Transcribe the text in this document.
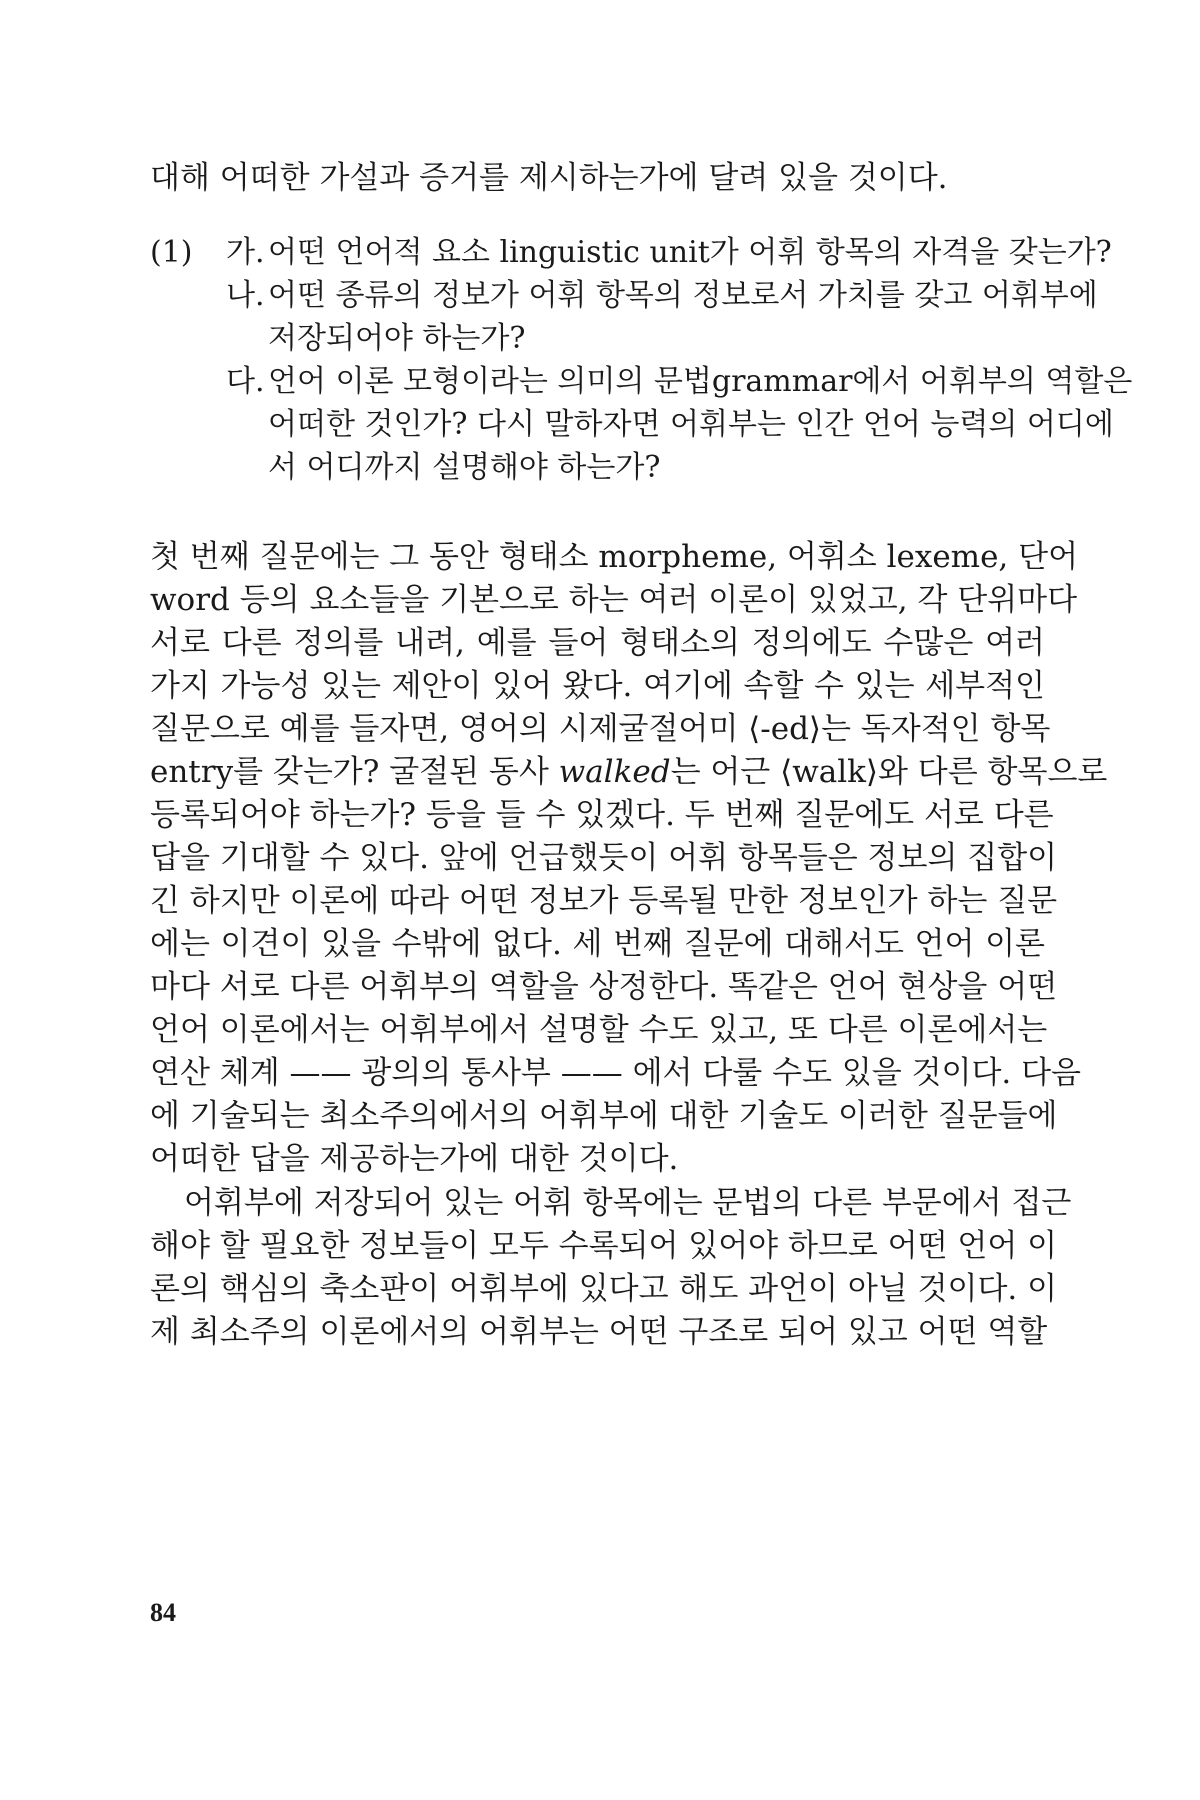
대해 어떠한 가설과 증거를 제시하는가에 달려 있을 것이다.
(1) 가. 어떤 언어적 요소 linguistic unit가 어휘 항목의 자격을 갖는가?
나. 어떤 종류의 정보가 어휘 항목의 정보로서 가치를 갖고 어휘부에
저장되어야 하는가?
다. 언어 이론 모형이라는 의미의 문법grammar에서 어휘부의 역할은
어떠한 것인가? 다시 말하자면 어휘부는 인간 언어 능력의 어디에
서 어디까지 설명해야 하는가?
첫 번째 질문에는 그 동안 형태소 morpheme, 어휘소 lexeme, 단어
word 등의 요소들을 기본으로 하는 여러 이론이 있었고, 각 단위마다
서로 다른 정의를 내려, 예를 들어 형태소의 정의에도 수많은 여러
가지 가능성 있는 제안이 있어 왔다. 여기에 속할 수 있는 세부적인
질문으로 예를 들자면, 영어의 시제굴절어미 ⟨-ed⟩는 독자적인 항목
entry를 갖는가? 굴절된 동사 walked는 어근 ⟨walk⟩와 다른 항목으로
등록되어야 하는가? 등을 들 수 있겠다. 두 번째 질문에도 서로 다른
답을 기대할 수 있다. 앞에 언급했듯이 어휘 항목들은 정보의 집합이
긴 하지만 이론에 따라 어떤 정보가 등록될 만한 정보인가 하는 질문
에는 이견이 있을 수밖에 없다. 세 번째 질문에 대해서도 언어 이론
마다 서로 다른 어휘부의 역할을 상정한다. 똑같은 언어 현상을 어떤
언어 이론에서는 어휘부에서 설명할 수도 있고, 또 다른 이론에서는
연산 체계 —— 광의의 통사부 —— 에서 다룰 수도 있을 것이다. 다음
에 기술되는 최소주의에서의 어휘부에 대한 기술도 이러한 질문들에
어떠한 답을 제공하는가에 대한 것이다.
어휘부에 저장되어 있는 어휘 항목에는 문법의 다른 부문에서 접근
해야 할 필요한 정보들이 모두 수록되어 있어야 하므로 어떤 언어 이
론의 핵심의 축소판이 어휘부에 있다고 해도 과언이 아닐 것이다. 이
제 최소주의 이론에서의 어휘부는 어떤 구조로 되어 있고 어떤 역할
84
